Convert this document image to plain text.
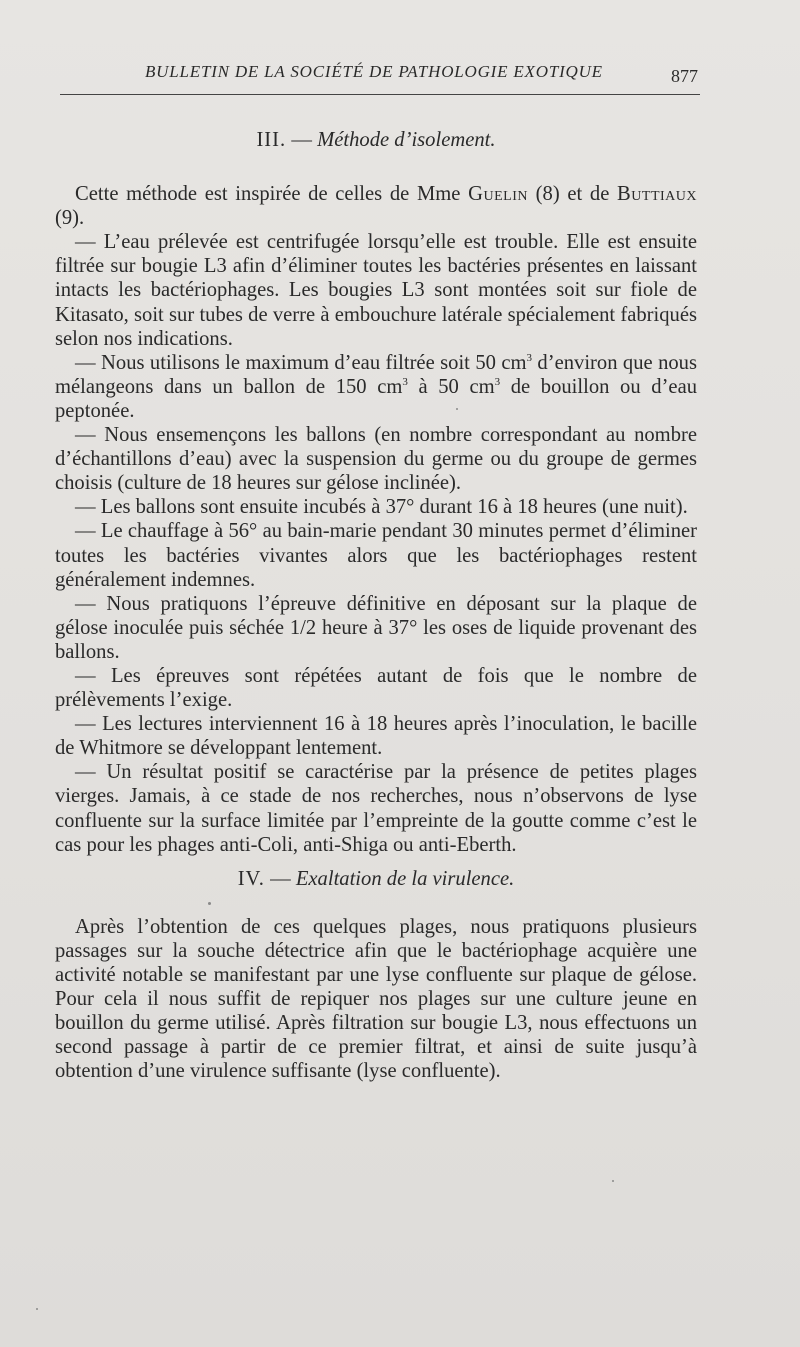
BULLETIN DE LA SOCIÉTÉ DE PATHOLOGIE EXOTIQUE	877
III. — Méthode d’isolement.

Cette méthode est inspirée de celles de Mme Guelin (8) et de Buttiaux (9).

— L’eau prélevée est centrifugée lorsqu’elle est trouble. Elle est ensuite filtrée sur bougie L3 afin d’éliminer toutes les bactéries présentes en laissant intacts les bactériophages. Les bougies L3 sont montées soit sur fiole de Kitasato, soit sur tubes de verre à embouchure latérale spécialement fabriqués selon nos indications.

— Nous utilisons le maximum d’eau filtrée soit 50 $cm^3$ d’environ que nous mélangeons dans un ballon de 150 $cm^3$ à 50 $cm^3$ de bouillon ou d’eau peptonée.

— Nous ensemençons les ballons (en nombre correspondant au nombre d’échantillons d’eau) avec la suspension du germe ou du groupe de germes choisis (culture de 18 heures sur gélose inclinée).

— Les ballons sont ensuite incubés à 37° durant 16 à 18 heures (une nuit).

— Le chauffage à 56° au bain-marie pendant 30 minutes permet d’éliminer toutes les bactéries vivantes alors que les bactériophages restent généralement indemnes.

— Nous pratiquons l’épreuve définitive en déposant sur la plaque de gélose inoculée puis séchée 1/2 heure à 37° les oses de liquide provenant des ballons.

— Les épreuves sont répétées autant de fois que le nombre de prélèvements l’exige.

— Les lectures interviennent 16 à 18 heures après l’inoculation, le bacille de Whitmore se développant lentement.

— Un résultat positif se caractérise par la présence de petites plages vierges. Jamais, à ce stade de nos recherches, nous n’observons de lyse confluente sur la surface limitée par l’empreinte de la goutte comme c’est le cas pour les phages anti-Coli, anti-Shiga ou anti-Eberth.

IV. — Exaltation de la virulence.

Après l’obtention de ces quelques plages, nous pratiquons plusieurs passages sur la souche détectrice afin que le bactériophage acquière une activité notable se manifestant par une lyse confluente sur plaque de gélose. Pour cela il nous suffit de repiquer nos plages sur une culture jeune en bouillon du germe utilisé. Après filtration sur bougie L3, nous effectuons un second passage à partir de ce premier filtrat, et ainsi de suite jusqu’à obtention d’une virulence suffisante (lyse confluente).
